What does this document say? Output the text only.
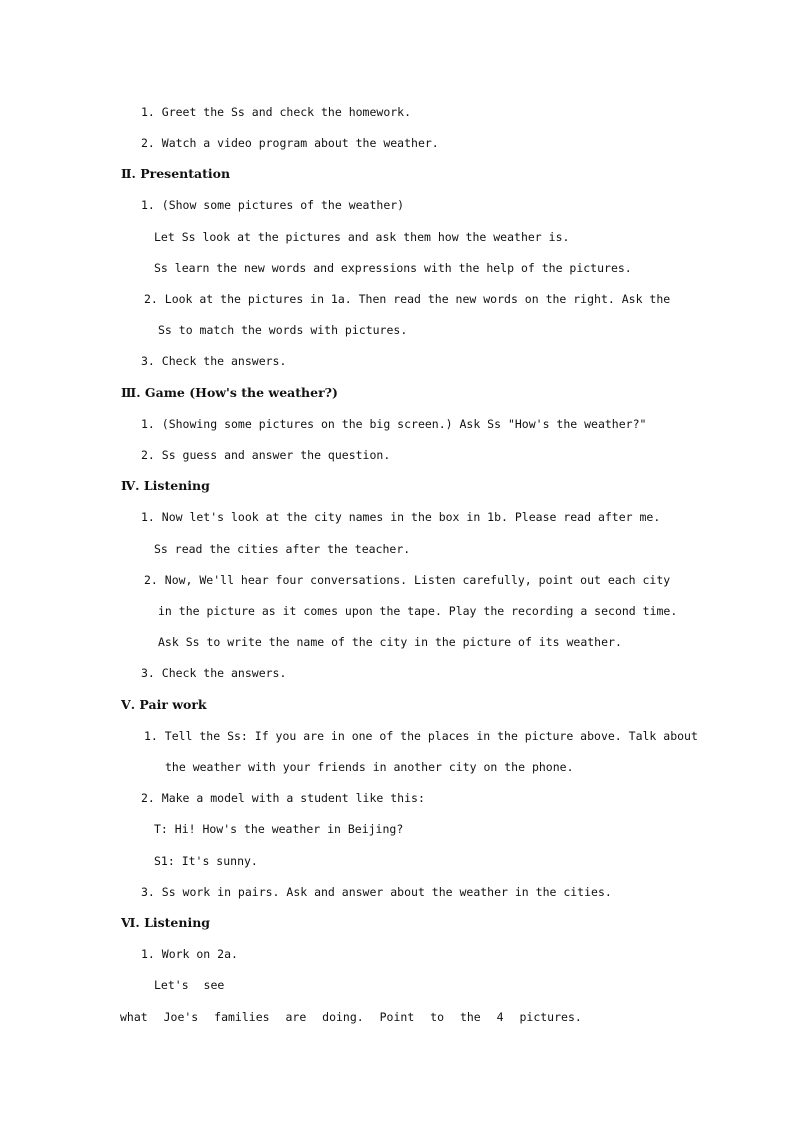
1. Greet the Ss and check the homework.
2. Watch a video program about the weather.
Ⅱ. Presentation
1. (Show some pictures of the weather)
Let Ss look at the pictures and ask them how the weather is.
Ss learn the new words and expressions with the help of the pictures.
2. Look at the pictures in 1a. Then read the new words on the right. Ask the
Ss to match the words with pictures.
3. Check the answers.
Ⅲ. Game (How's the weather?)
1. (Showing some pictures on the big screen.) Ask Ss "How's the weather?"
2. Ss guess and answer the question.
Ⅳ. Listening
1. Now let's look at the city names in the box in 1b. Please read after me.
Ss read the cities after the teacher.
2. Now, We'll hear four conversations. Listen carefully, point out each city
in the picture as it comes upon the tape. Play the recording a second time.
Ask Ss to write the name of the city in the picture of its weather.
3. Check the answers.
Ⅴ. Pair work
1. Tell the Ss: If you are in one of the places in the picture above. Talk about
the weather with your friends in another city on the phone.
2. Make a model with a student like this:
T: Hi! How's the weather in Beijing?
S1: It's sunny.
3. Ss work in pairs. Ask and answer about the weather in the cities.
Ⅵ. Listening
1. Work on 2a.
Let's see
what Joe's families are doing. Point to the 4 pictures.
